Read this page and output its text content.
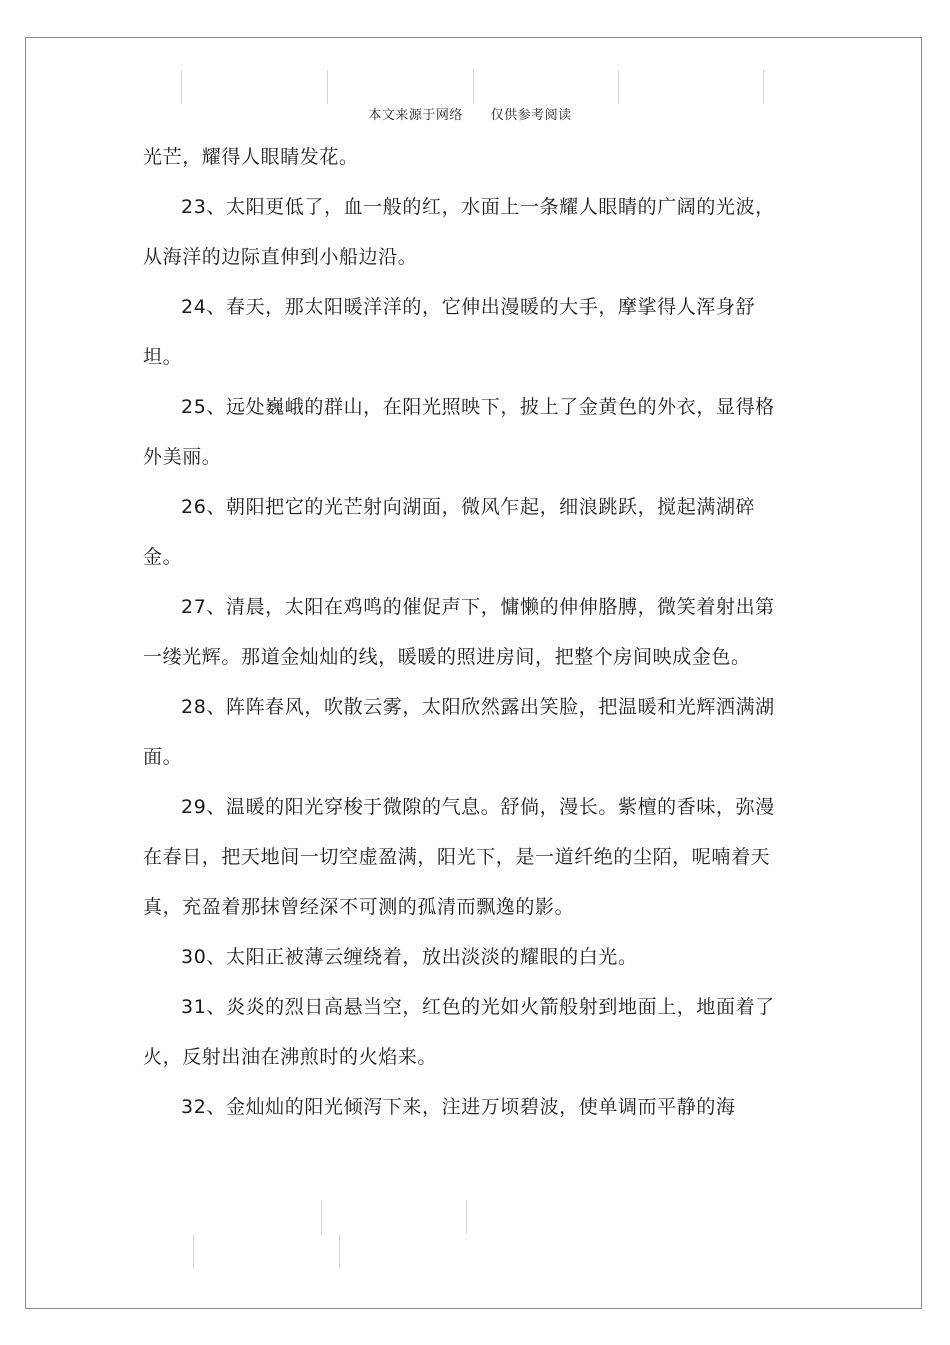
本文来源于网络 仅供参考阅读

光芒，耀得人眼睛发花。

23、太阳更低了，血一般的红，水面上一条耀人眼睛的广阔的光波，从海洋的边际直伸到小船边沿。

24、春天，那太阳暖洋洋的，它伸出漫暖的大手，摩挲得人浑身舒坦。

25、远处巍峨的群山，在阳光照映下，披上了金黄色的外衣，显得格外美丽。

26、朝阳把它的光芒射向湖面，微风乍起，细浪跳跃，搅起满湖碎金。

27、清晨，太阳在鸡鸣的催促声下，慵懒的伸伸胳膊，微笑着射出第一缕光辉。那道金灿灿的线，暖暖的照进房间，把整个房间映成金色。

28、阵阵春风，吹散云雾，太阳欣然露出笑脸，把温暖和光辉洒满湖面。

29、温暖的阳光穿梭于微隙的气息。舒倘，漫长。紫檀的香味，弥漫在春日，把天地间一切空虚盈满，阳光下，是一道纤绝的尘陌，呢喃着天真，充盈着那抹曾经深不可测的孤清而飘逸的影。

30、太阳正被薄云缠绕着，放出淡淡的耀眼的白光。

31、炎炎的烈日高悬当空，红色的光如火箭般射到地面上，地面着了火，反射出油在沸煎时的火焰来。

32、金灿灿的阳光倾泻下来，注进万顷碧波，使单调而平静的海
